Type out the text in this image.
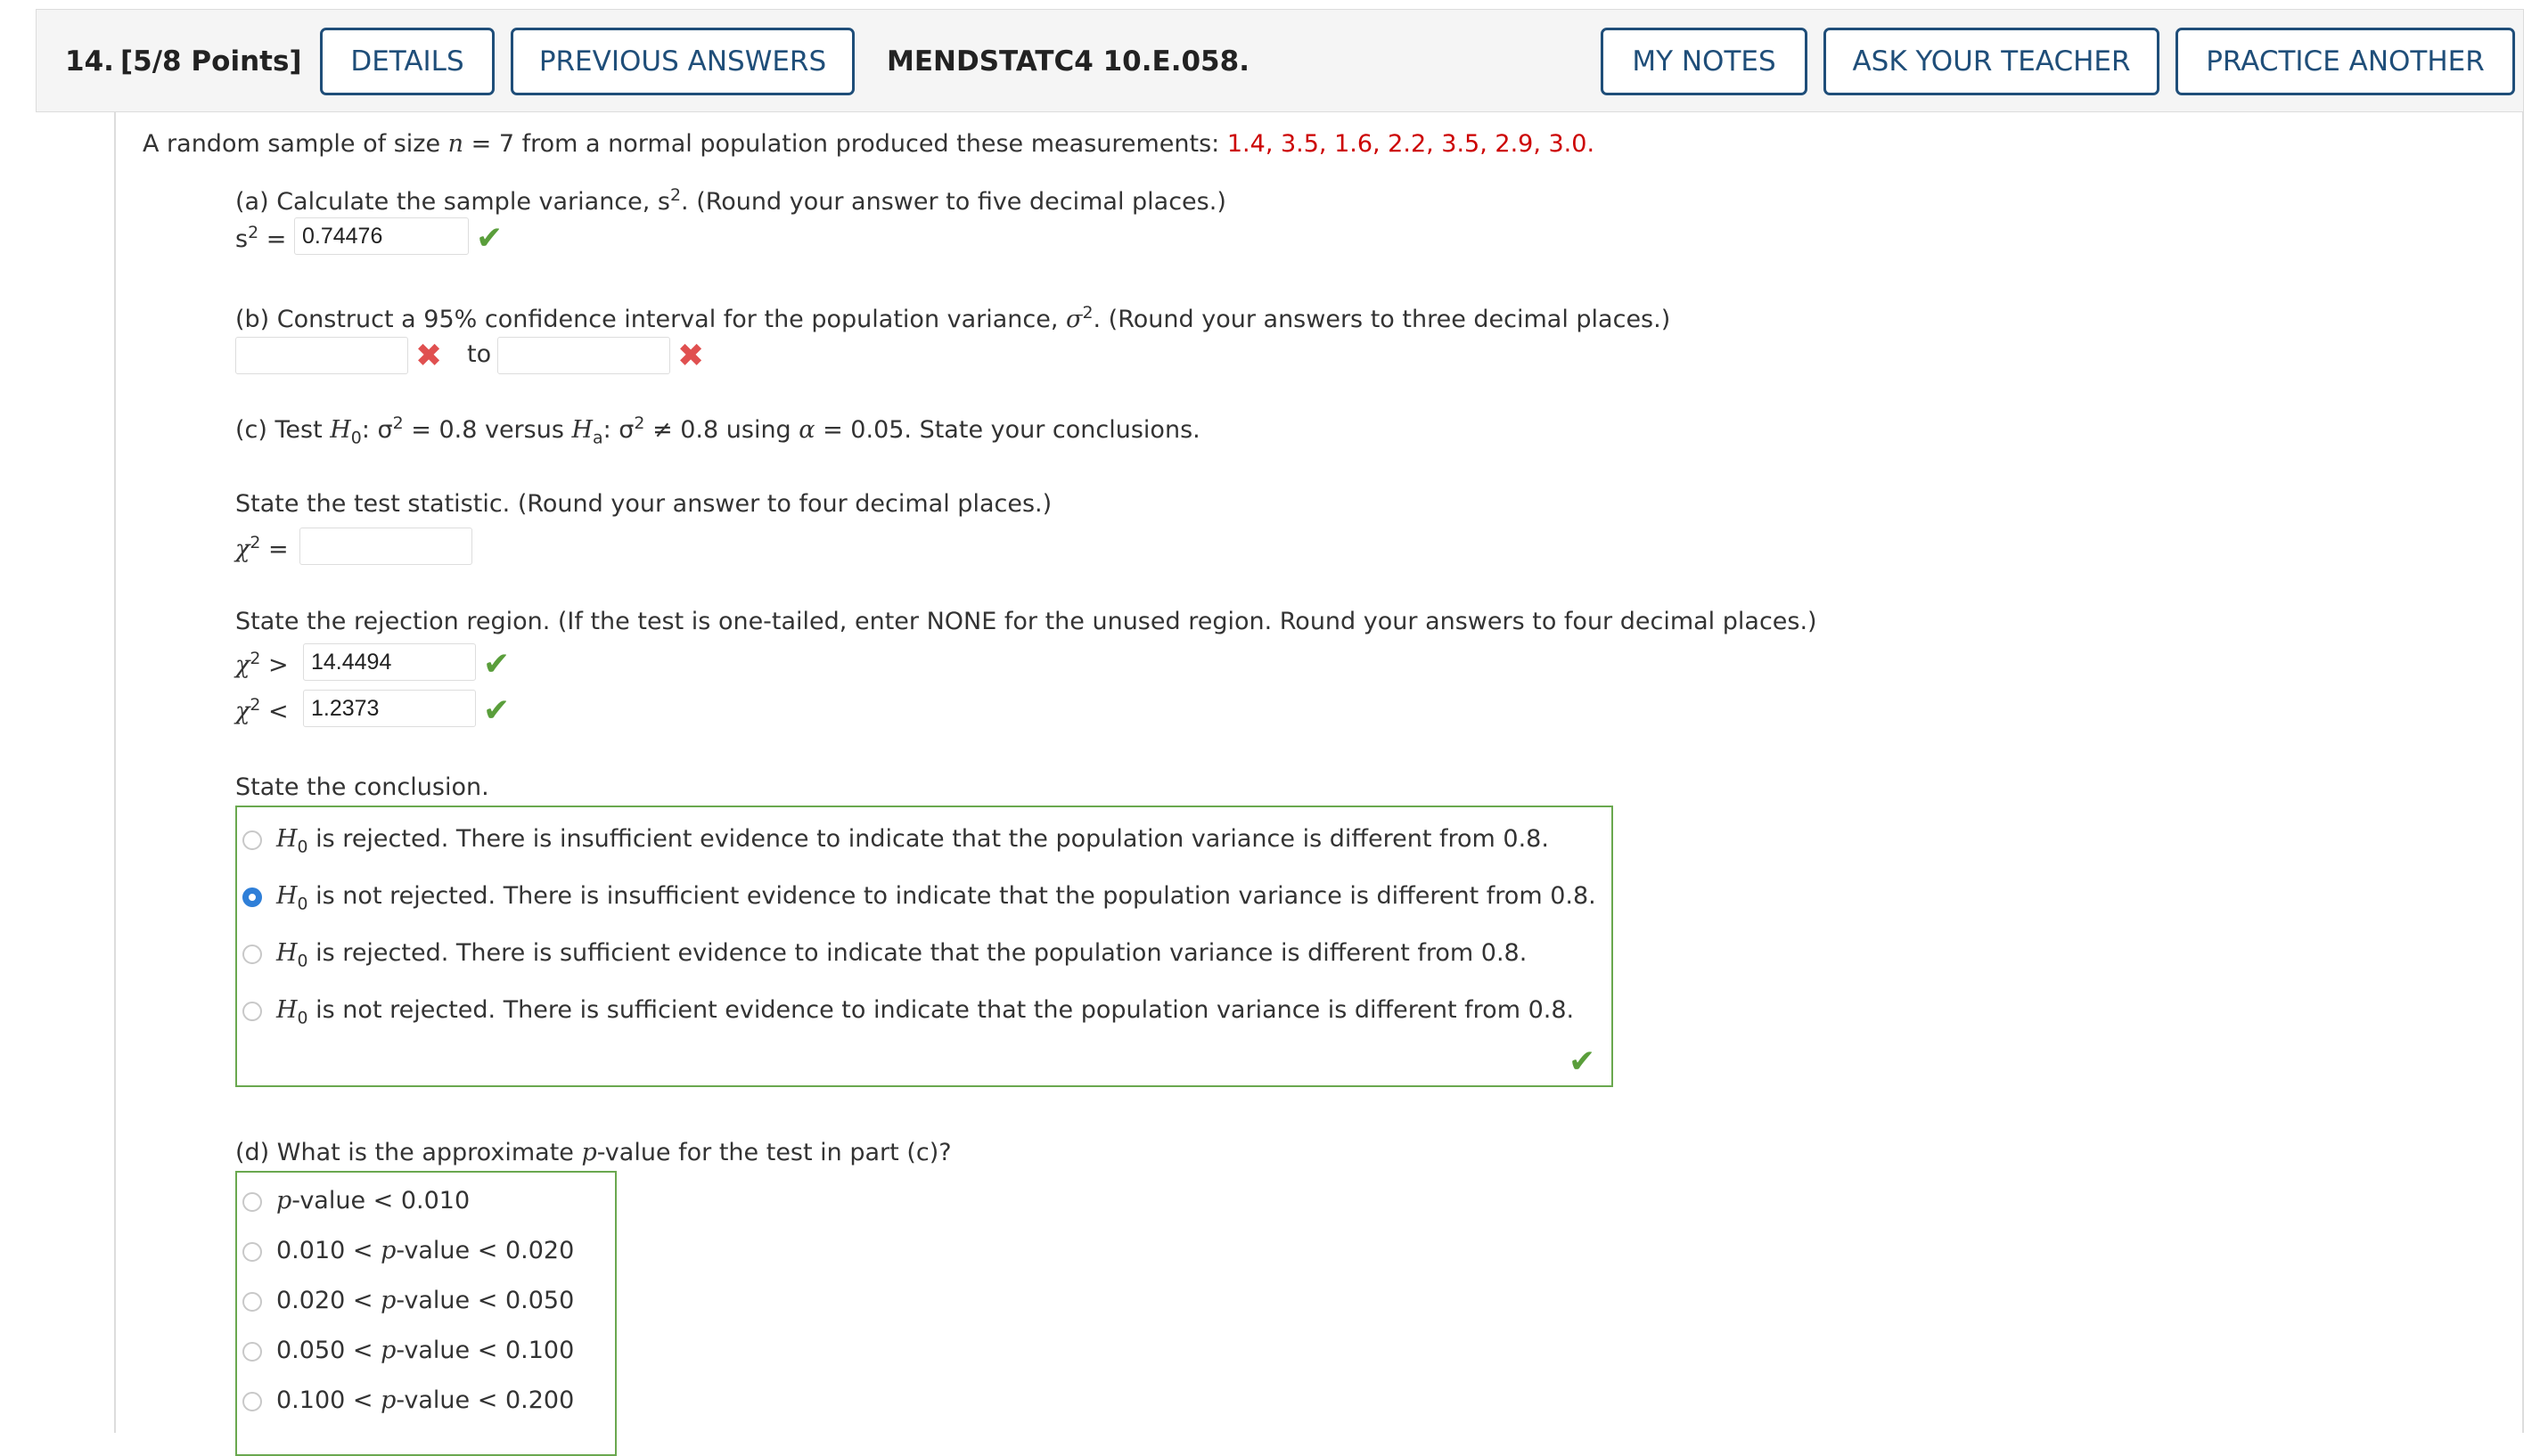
14. [5/8 Points]	DETAILS	PREVIOUS ANSWERS	MENDSTATC4 10.E.058.	MY NOTES	ASK YOUR TEACHER	PRACTICE ANOTHER
A random sample of size n = 7 from a normal population produced these measurements: 1.4, 3.5, 1.6, 2.2, 3.5, 2.9, 3.0.
(a) Calculate the sample variance, $s^2$. (Round your answer to five decimal places.)
$s^2 = 0.74476$	✔
(b) Construct a 95% confidence interval for the population variance, $\sigma^2$. (Round your answers to three decimal places.)
✖ to	✖
(c) Test $H_0$: $\sigma^2 = 0.8$ versus $H_a$: $\sigma^2 \ne 0.8$ using α = 0.05. State your conclusions.
State the test statistic. (Round your answer to four decimal places.)
$\chi^2$ =
State the rejection region. (If the test is one-tailed, enter NONE for the unused region. Round your answers to four decimal places.)
$\chi^2$ >	14.4494	✔
$\chi^2$ <	1.2373	✔
State the conclusion.
$H_0$ is rejected. There is insufficient evidence to indicate that the population variance is different from 0.8.
$H_0$ is not rejected. There is insufficient evidence to indicate that the population variance is different from 0.8.
$H_0$ is rejected. There is sufficient evidence to indicate that the population variance is different from 0.8.
$H_0$ is not rejected. There is sufficient evidence to indicate that the population variance is different from 0.8.
✔
(d) What is the approximate p-value for the test in part (c)?
p-value < 0.010
0.010 < p-value < 0.020
0.020 < p-value < 0.050
0.050 < p-value < 0.100
0.100 < p-value < 0.200
